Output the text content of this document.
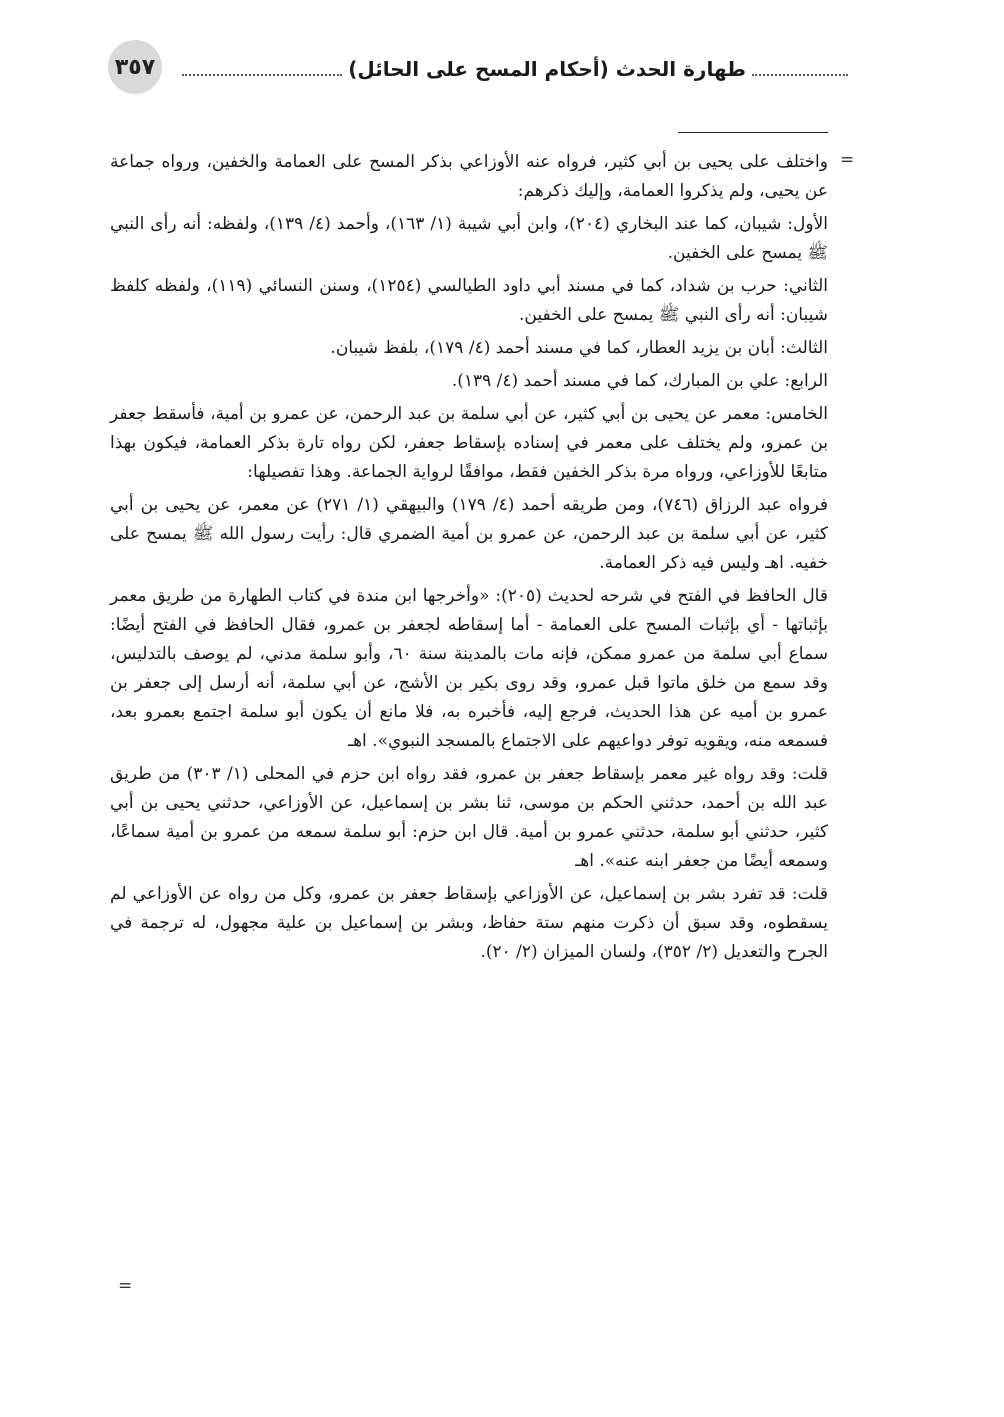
٣٥٧	طهارة الحدث (أحكام المسح على الحائل)
=

واختلف على يحيى بن أبي كثير، فرواه عنه الأوزاعي بذكر المسح على العمامة والخفين، ورواه جماعة عن يحيى، ولم يذكروا العمامة، وإليك ذكرهم:

الأول: شيبان، كما عند البخاري (٢٠٤)، وابن أبي شيبة (١/ ١٦٣)، وأحمد (٤/ ١٣٩)، ولفظه: أنه رأى النبي ﷺ يمسح على الخفين.

الثاني: حرب بن شداد، كما في مسند أبي داود الطيالسي (١٢٥٤)، وسنن النسائي (١١٩)، ولفظه كلفظ شيبان: أنه رأى النبي ﷺ يمسح على الخفين.

الثالث: أبان بن يزيد العطار، كما في مسند أحمد (٤/ ١٧٩)، بلفظ شيبان.

الرابع: علي بن المبارك، كما في مسند أحمد (٤/ ١٣٩).

الخامس: معمر عن يحيى بن أبي كثير، عن أبي سلمة بن عبد الرحمن، عن عمرو بن أمية، فأسقط جعفر بن عمرو، ولم يختلف على معمر في إسناده بإسقاط جعفر، لكن رواه تارة بذكر العمامة، فيكون بهذا متابعًا للأوزاعي، ورواه مرة بذكر الخفين فقط، موافقًا لرواية الجماعة. وهذا تفصيلها:

فرواه عبد الرزاق (٧٤٦)، ومن طريقه أحمد (٤/ ١٧٩) والبيهقي (١/ ٢٧١) عن معمر، عن يحيى بن أبي كثير، عن أبي سلمة بن عبد الرحمن، عن عمرو بن أمية الضمري قال: رأيت رسول الله ﷺ يمسح على خفيه. اهـ وليس فيه ذكر العمامة.

قال الحافظ في الفتح في شرحه لحديث (٢٠٥): «وأخرجها ابن مندة في كتاب الطهارة من طريق معمر بإثباتها - أي بإثبات المسح على العمامة - أما إسقاطه لجعفر بن عمرو، فقال الحافظ في الفتح أيضًا: سماع أبي سلمة من عمرو ممكن، فإنه مات بالمدينة سنة ٦٠، وأبو سلمة مدني، لم يوصف بالتدليس، وقد سمع من خلق ماتوا قبل عمرو، وقد روى بكير بن الأشج، عن أبي سلمة، أنه أرسل إلى جعفر بن عمرو بن أميه عن هذا الحديث، فرجع إليه، فأخبره به، فلا مانع أن يكون أبو سلمة اجتمع بعمرو بعد، فسمعه منه، ويقويه توفر دواعيهم على الاجتماع بالمسجد النبوي». اهـ

قلت: وقد رواه غير معمر بإسقاط جعفر بن عمرو، فقد رواه ابن حزم في المحلى (١/ ٣٠٣) من طريق عبد الله بن أحمد، حدثني الحكم بن موسى، ثنا بشر بن إسماعيل، عن الأوزاعي، حدثني يحيى بن أبي كثير، حدثني أبو سلمة، حدثني عمرو بن أمية. قال ابن حزم: أبو سلمة سمعه من عمرو بن أمية سماعًا، وسمعه أيضًا من جعفر ابنه عنه». اهـ

قلت: قد تفرد بشر بن إسماعيل، عن الأوزاعي بإسقاط جعفر بن عمرو، وكل من رواه عن الأوزاعي لم يسقطوه، وقد سبق أن ذكرت منهم ستة حفاظ، وبشر بن إسماعيل بن علية مجهول، له ترجمة في الجرح والتعديل (٢/ ٣٥٢)، ولسان الميزان (٢/ ٢٠).

=
